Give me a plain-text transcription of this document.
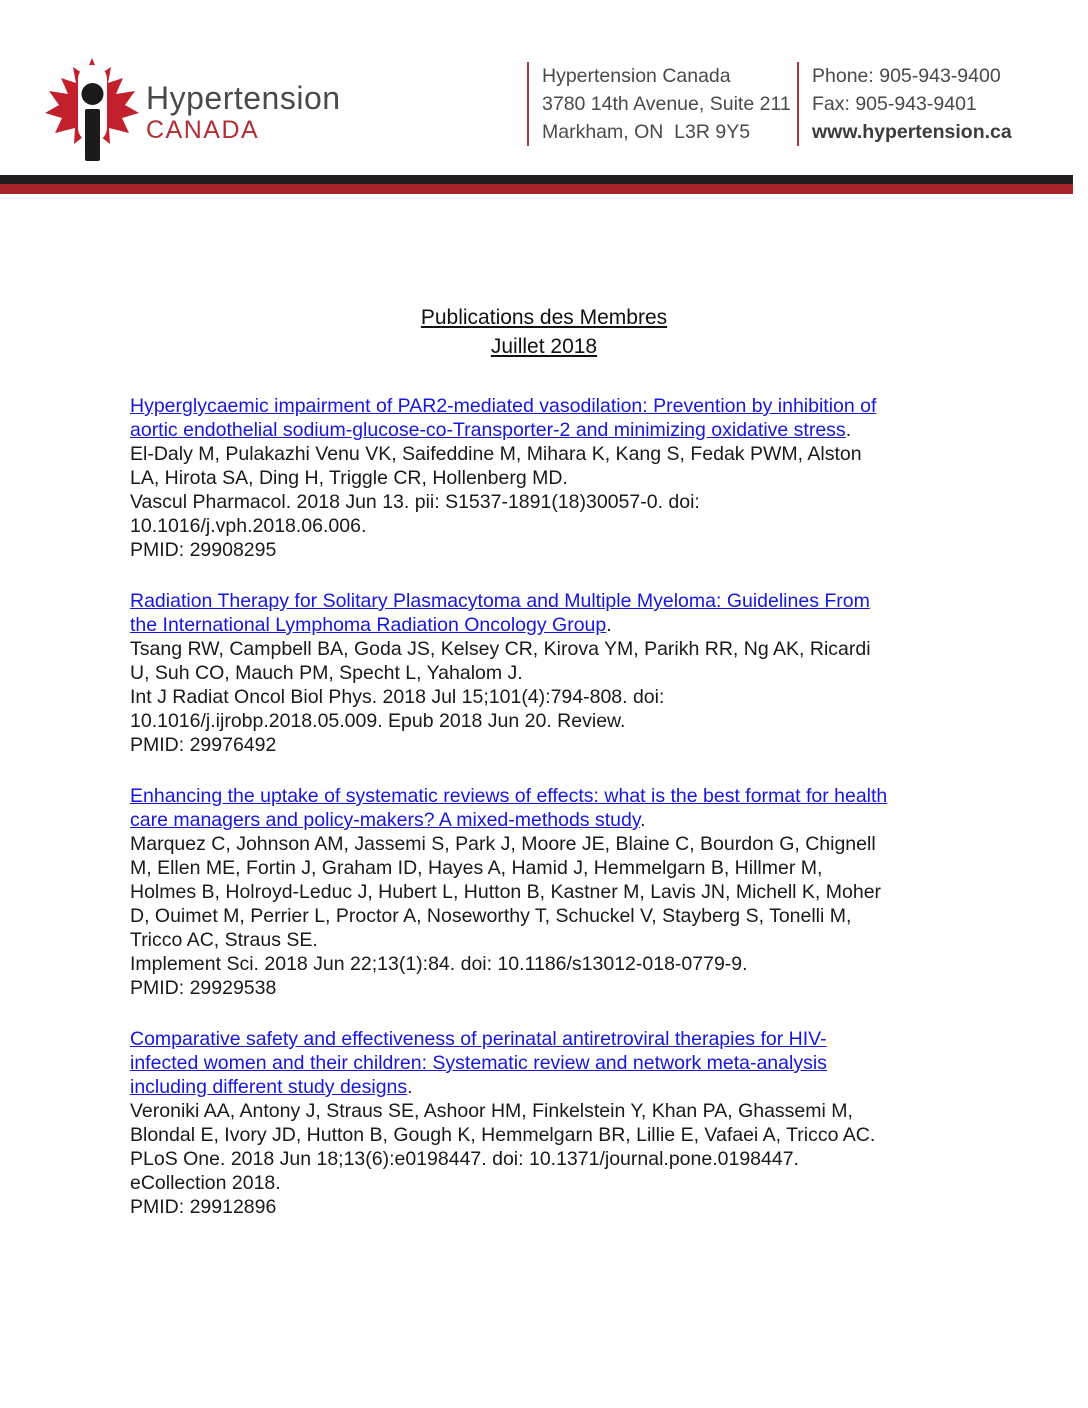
Hypertension
CANADA
Hypertension Canada
3780 14th Avenue, Suite 211
Markham, ON  L3R 9Y5
Phone: 905-943-9400
Fax: 905-943-9401
www.hypertension.ca
Publications des Membres
Juillet 2018
Hyperglycaemic impairment of PAR2-mediated vasodilation: Prevention by inhibition of
aortic endothelial sodium-glucose-co-Transporter-2 and minimizing oxidative stress.
El-Daly M, Pulakazhi Venu VK, Saifeddine M, Mihara K, Kang S, Fedak PWM, Alston
LA, Hirota SA, Ding H, Triggle CR, Hollenberg MD.
Vascul Pharmacol. 2018 Jun 13. pii: S1537-1891(18)30057-0. doi:
10.1016/j.vph.2018.06.006.
PMID: 29908295
Radiation Therapy for Solitary Plasmacytoma and Multiple Myeloma: Guidelines From
the International Lymphoma Radiation Oncology Group.
Tsang RW, Campbell BA, Goda JS, Kelsey CR, Kirova YM, Parikh RR, Ng AK, Ricardi
U, Suh CO, Mauch PM, Specht L, Yahalom J.
Int J Radiat Oncol Biol Phys. 2018 Jul 15;101(4):794-808. doi:
10.1016/j.ijrobp.2018.05.009. Epub 2018 Jun 20. Review.
PMID: 29976492
Enhancing the uptake of systematic reviews of effects: what is the best format for health
care managers and policy-makers? A mixed-methods study.
Marquez C, Johnson AM, Jassemi S, Park J, Moore JE, Blaine C, Bourdon G, Chignell
M, Ellen ME, Fortin J, Graham ID, Hayes A, Hamid J, Hemmelgarn B, Hillmer M,
Holmes B, Holroyd-Leduc J, Hubert L, Hutton B, Kastner M, Lavis JN, Michell K, Moher
D, Ouimet M, Perrier L, Proctor A, Noseworthy T, Schuckel V, Stayberg S, Tonelli M,
Tricco AC, Straus SE.
Implement Sci. 2018 Jun 22;13(1):84. doi: 10.1186/s13012-018-0779-9.
PMID: 29929538
Comparative safety and effectiveness of perinatal antiretroviral therapies for HIV-
infected women and their children: Systematic review and network meta-analysis
including different study designs.
Veroniki AA, Antony J, Straus SE, Ashoor HM, Finkelstein Y, Khan PA, Ghassemi M,
Blondal E, Ivory JD, Hutton B, Gough K, Hemmelgarn BR, Lillie E, Vafaei A, Tricco AC.
PLoS One. 2018 Jun 18;13(6):e0198447. doi: 10.1371/journal.pone.0198447.
eCollection 2018.
PMID: 29912896
